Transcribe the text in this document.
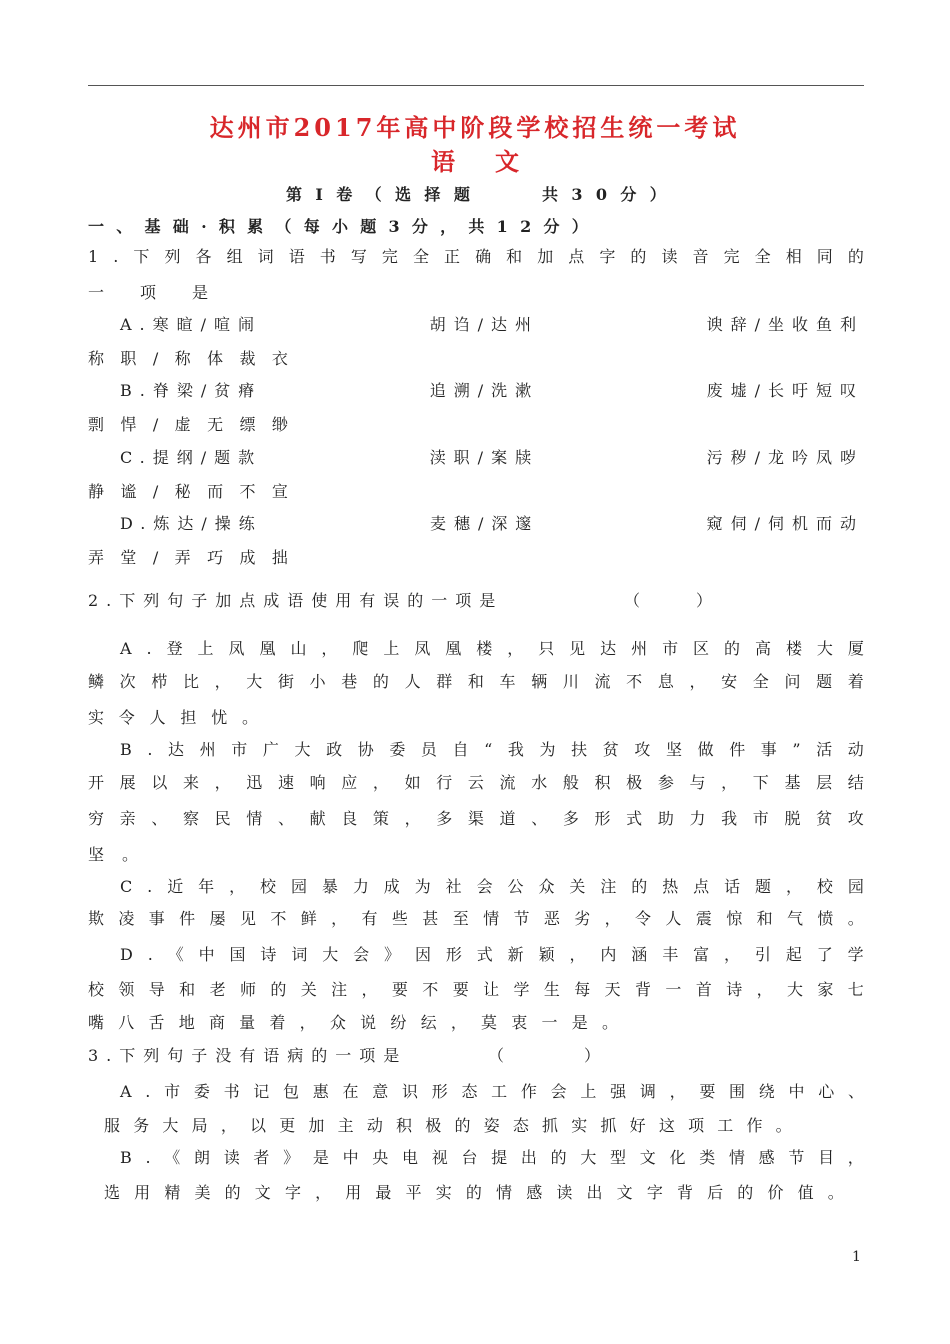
达州市2017年高中阶段学校招生统一考试
语文

第 Ⅰ 卷 （ 选 择 题

　	共 3 0 分 ）

一 、 基 础 · 积 累 （ 每 小 题 3 分 ， 共 1 2 分 ）

1 . 下 列 各 组 词 语 书 写 完 全 正 确 和 加 点 字 的 读 音 完 全 相 同 的

一 项 是

A.寒暄/喧闹	胡诌/达州	谀辞/坐收鱼利

称 职 / 称 体 裁 衣

B.脊梁/贫瘠	追溯/洗漱	废墟/长吁短叹

剽 悍 / 虚 无 缥 缈

C.提纲/题款	渎职/案牍	污秽/龙吟凤哕

静 谧 / 秘 而 不 宣

D.炼达/操练	麦穗/深邃	窥伺/伺机而动

弄 堂 / 弄 巧 成 拙

2.下列句子加点成语使用有误的一项是	（　　）

A . 登 上 凤 凰 山 ， 爬 上 凤 凰 楼 ， 只 见 达 州 市 区 的 高 楼 大 厦

鳞 次 栉 比 ， 大 街 小 巷 的 人 群 和 车 辆 川 流 不 息 ， 安 全 问 题 着

实 令 人 担 忧 。

B . 达 州 市 广 大 政 协 委 员 自 “ 我 为 扶 贫 攻 坚 做 件 事 ” 活 动

开 展 以 来 ， 迅 速 响 应 ， 如 行 云 流 水 般 积 极 参 与 ， 下 基 层 结

穷 亲 、 察 民 情 、 献 良 策 ， 多 渠 道 、 多 形 式 助 力 我 市 脱 贫 攻

坚 。

C . 近 年 ， 校 园 暴 力 成 为 社 会 公 众 关 注 的 热 点 话 题 ， 校 园

欺 凌 事 件 屡 见 不 鲜 ， 有 些 甚 至 情 节 恶 劣 ， 令 人 震 惊 和 气 愤 。

D . 《 中 国 诗 词 大 会 》 因 形 式 新 颖 ， 内 涵 丰 富 ， 引 起 了 学

校 领 导 和 老 师 的 关 注 ， 要 不 要 让 学 生 每 天 背 一 首 诗 ， 大 家 七

嘴 八 舌 地 商 量 着 ， 众 说 纷 纭 ， 莫 衷 一 是 。

3.下列句子没有语病的一项是	（　　　）

A . 市 委 书 记 包 惠 在 意 识 形 态 工 作 会 上 强 调 ， 要 围 绕 中 心 、

服 务 大 局 ， 以 更 加 主 动 积 极 的 姿 态 抓 实 抓 好 这 项 工 作 。

B . 《 朗 读 者 》 是 中 央 电 视 台 提 出 的 大 型 文 化 类 情 感 节 目 ，

选 用 精 美 的 文 字 ， 用 最 平 实 的 情 感 读 出 文 字 背 后 的 价 值 。

1
